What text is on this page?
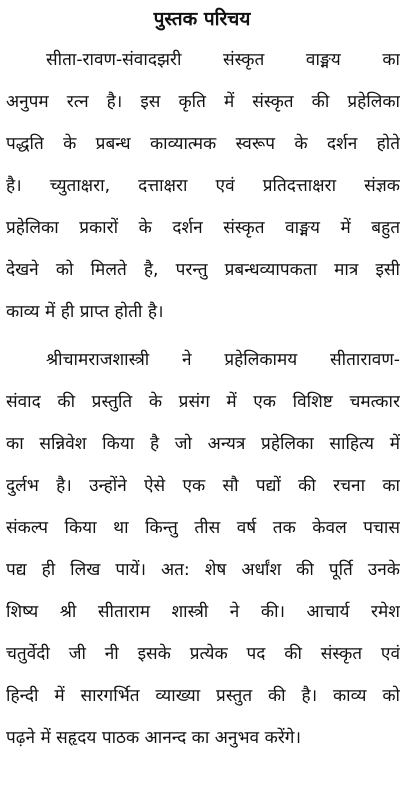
पुस्तक परिचय
सीता-रावण-संवादझरी संस्कृत वाङ्मय का
अनुपम रत्न है। इस कृति में संस्कृत की प्रहेलिका
पद्धति के प्रबन्ध काव्यात्मक स्वरूप के दर्शन होते
है। च्युताक्षरा, दत्ताक्षरा एवं प्रतिदत्ताक्षरा संज्ञक
प्रहेलिका प्रकारों के दर्शन संस्कृत वाङ्मय में बहुत
देखने को मिलते है, परन्तु प्रबन्धव्यापकता मात्र इसी
काव्य में ही प्राप्त होती है।
श्रीचामराजशास्त्री ने प्रहेलिकामय सीतारावण-
संवाद की प्रस्तुति के प्रसंग में एक विशिष्ट चमत्कार
का सन्निवेश किया है जो अन्यत्र प्रहेलिका साहित्य में
दुर्लभ है। उन्होंने ऐसे एक सौ पद्यों की रचना का
संकल्प किया था किन्तु तीस वर्ष तक केवल पचास
पद्य ही लिख पायें। अत: शेष अर्धांश की पूर्ति उनके
शिष्य श्री सीताराम शास्त्री ने की। आचार्य रमेश
चतुर्वेदी जी नी इसके प्रत्येक पद की संस्कृत एवं
हिन्दी में सारगर्भित व्याख्या प्रस्तुत की है। काव्य को
पढ़ने में सहृदय पाठक आनन्द का अनुभव करेंगे।
